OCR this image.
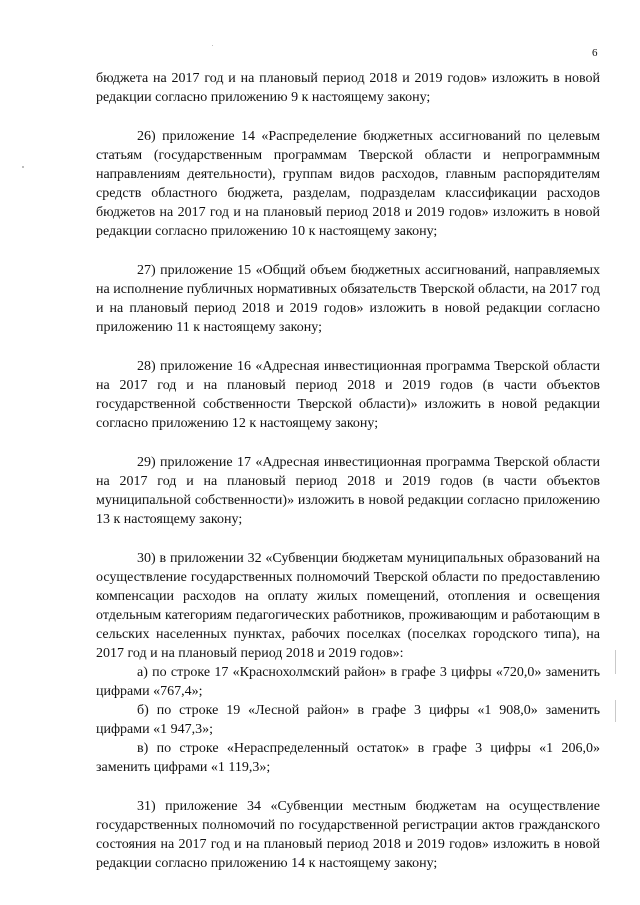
6

бюджета на 2017 год и на плановый период 2018 и 2019 годов» изложить в новой редакции согласно приложению 9 к настоящему закону;

26) приложение 14 «Распределение бюджетных ассигнований по целевым статьям (государственным программам Тверской области и непрограммным направлениям деятельности), группам видов расходов, главным распорядителям средств областного бюджета, разделам, подразделам классификации расходов бюджетов на 2017 год и на плановый период 2018 и 2019 годов» изложить в новой редакции согласно приложению 10 к настоящему закону;

27) приложение 15 «Общий объем бюджетных ассигнований, направляемых на исполнение публичных нормативных обязательств Тверской области, на 2017 год и на плановый период 2018 и 2019 годов» изложить в новой редакции согласно приложению 11 к настоящему закону;

28) приложение 16 «Адресная инвестиционная программа Тверской области на 2017 год и на плановый период 2018 и 2019 годов (в части объектов государственной собственности Тверской области)» изложить в новой редакции согласно приложению 12 к настоящему закону;

29) приложение 17 «Адресная инвестиционная программа Тверской области на 2017 год и на плановый период 2018 и 2019 годов (в части объектов муниципальной собственности)» изложить в новой редакции согласно приложению 13 к настоящему закону;

30) в приложении 32 «Субвенции бюджетам муниципальных образований на осуществление государственных полномочий Тверской области по предоставлению компенсации расходов на оплату жилых помещений, отопления и освещения отдельным категориям педагогических работников, проживающим и работающим в сельских населенных пунктах, рабочих поселках (поселках городского типа), на 2017 год и на плановый период 2018 и 2019 годов»:

а) по строке 17 «Краснохолмский район» в графе 3 цифры «720,0» заменить цифрами «767,4»;

б) по строке 19 «Лесной район» в графе 3 цифры «1 908,0» заменить цифрами «1 947,3»;

в) по строке «Нераспределенный остаток» в графе 3 цифры «1 206,0» заменить цифрами «1 119,3»;

31) приложение 34 «Субвенции местным бюджетам на осуществление государственных полномочий по государственной регистрации актов гражданского состояния на 2017 год и на плановый период 2018 и 2019 годов» изложить в новой редакции согласно приложению 14 к настоящему закону;
